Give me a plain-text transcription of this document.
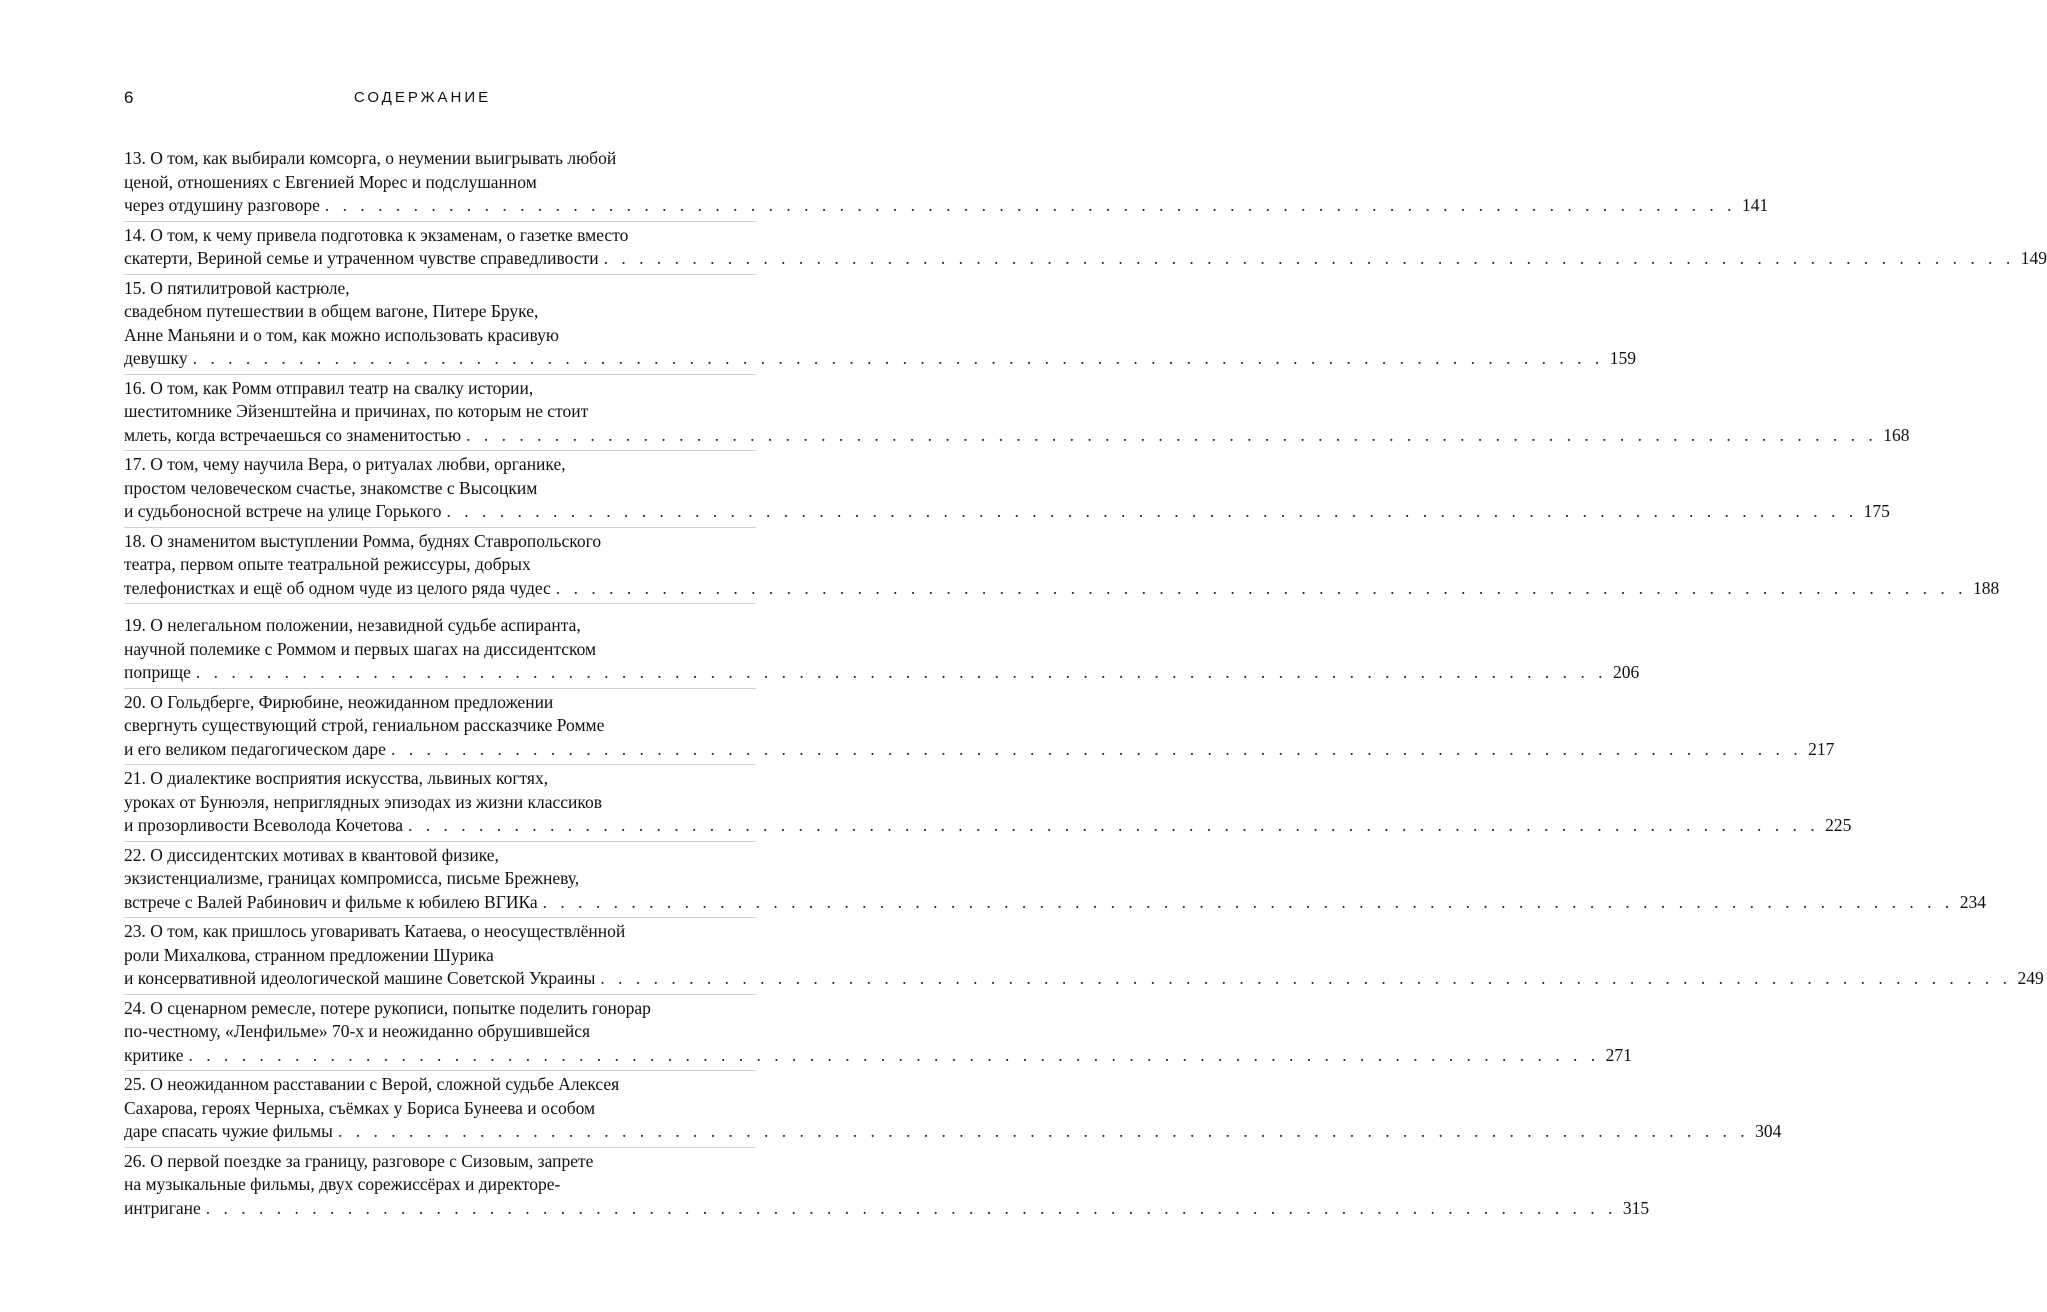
6	СОДЕРЖАНИЕ
13. О том, как выбирали комсорга, о неумении выигрывать любой
ценой, отношениях с Евгенией Морес и подслушанном
через отдушину разговоре . . . . . . . . . . . . . . . . . . . . . . . . . . . . . . . . . . . . . . . . . . . . . . . . . . . . . . . . . . . . . . . . . . . . . . . . . . . . . . . . 141
14. О том, к чему привела подготовка к экзаменам, о газетке вместо
скатерти, Вериной семье и утраченном чувстве справедливости . . . . . . . . . . . . . . . . . . . . . . . . . . . . . . . . . . . . . . . . . . . . . . . . . . . . . . . . . . . . . . . . . . . . . . . . . . . . . . . . 149
15. О пятилитровой кастрюле,
свадебном путешествии в общем вагоне, Питере Бруке,
Анне Маньяни и о том, как можно использовать красивую
девушку . . . . . . . . . . . . . . . . . . . . . . . . . . . . . . . . . . . . . . . . . . . . . . . . . . . . . . . . . . . . . . . . . . . . . . . . . . . . . . . . 159
16. О том, как Ромм отправил театр на свалку истории,
шеститомнике Эйзенштейна и причинах, по которым не стоит
млеть, когда встречаешься со знаменитостью . . . . . . . . . . . . . . . . . . . . . . . . . . . . . . . . . . . . . . . . . . . . . . . . . . . . . . . . . . . . . . . . . . . . . . . . . . . . . . . . 168
17. О том, чему научила Вера, о ритуалах любви, органике,
простом человеческом счастье, знакомстве с Высоцким
и судьбоносной встрече на улице Горького . . . . . . . . . . . . . . . . . . . . . . . . . . . . . . . . . . . . . . . . . . . . . . . . . . . . . . . . . . . . . . . . . . . . . . . . . . . . . . . . 175
18. О знаменитом выступлении Ромма, буднях Ставропольского
театра, первом опыте театральной режиссуры, добрых
телефонистках и ещё об одном чуде из целого ряда чудес . . . . . . . . . . . . . . . . . . . . . . . . . . . . . . . . . . . . . . . . . . . . . . . . . . . . . . . . . . . . . . . . . . . . . . . . . . . . . . . . 188
19. О нелегальном положении, незавидной судьбе аспиранта,
научной полемике с Роммом и первых шагах на диссидентском
поприще . . . . . . . . . . . . . . . . . . . . . . . . . . . . . . . . . . . . . . . . . . . . . . . . . . . . . . . . . . . . . . . . . . . . . . . . . . . . . . . . 206
20. О Гольдберге, Фирюбине, неожиданном предложении
свергнуть существующий строй, гениальном рассказчике Ромме
и его великом педагогическом даре . . . . . . . . . . . . . . . . . . . . . . . . . . . . . . . . . . . . . . . . . . . . . . . . . . . . . . . . . . . . . . . . . . . . . . . . . . . . . . . . 217
21. О диалектике восприятия искусства, львиных когтях,
уроках от Бунюэля, неприглядных эпизодах из жизни классиков
и прозорливости Всеволода Кочетова . . . . . . . . . . . . . . . . . . . . . . . . . . . . . . . . . . . . . . . . . . . . . . . . . . . . . . . . . . . . . . . . . . . . . . . . . . . . . . . . 225
22. О диссидентских мотивах в квантовой физике,
экзистенциализме, границах компромисса, письме Брежневу,
встрече с Валей Рабинович и фильме к юбилею ВГИКа . . . . . . . . . . . . . . . . . . . . . . . . . . . . . . . . . . . . . . . . . . . . . . . . . . . . . . . . . . . . . . . . . . . . . . . . . . . . . . . . 234
23. О том, как пришлось уговаривать Катаева, о неосуществлённой
роли Михалкова, странном предложении Шурика
и консервативной идеологической машине Советской Украины . . . . . . . . . . . . . . . . . . . . . . . . . . . . . . . . . . . . . . . . . . . . . . . . . . . . . . . . . . . . . . . . . . . . . . . . . . . . . . . . 249
24. О сценарном ремесле, потере рукописи, попытке поделить гонорар
по-честному, «Ленфильме» 70-х и неожиданно обрушившейся
критике . . . . . . . . . . . . . . . . . . . . . . . . . . . . . . . . . . . . . . . . . . . . . . . . . . . . . . . . . . . . . . . . . . . . . . . . . . . . . . . . 271
25. О неожиданном расставании с Верой, сложной судьбе Алексея
Сахарова, героях Черныха, съёмках у Бориса Бунеева и особом
даре спасать чужие фильмы . . . . . . . . . . . . . . . . . . . . . . . . . . . . . . . . . . . . . . . . . . . . . . . . . . . . . . . . . . . . . . . . . . . . . . . . . . . . . . . . 304
26. О первой поездке за границу, разговоре с Сизовым, запрете
на музыкальные фильмы, двух сорежиссёрах и директоре-
интригане . . . . . . . . . . . . . . . . . . . . . . . . . . . . . . . . . . . . . . . . . . . . . . . . . . . . . . . . . . . . . . . . . . . . . . . . . . . . . . . . 315
